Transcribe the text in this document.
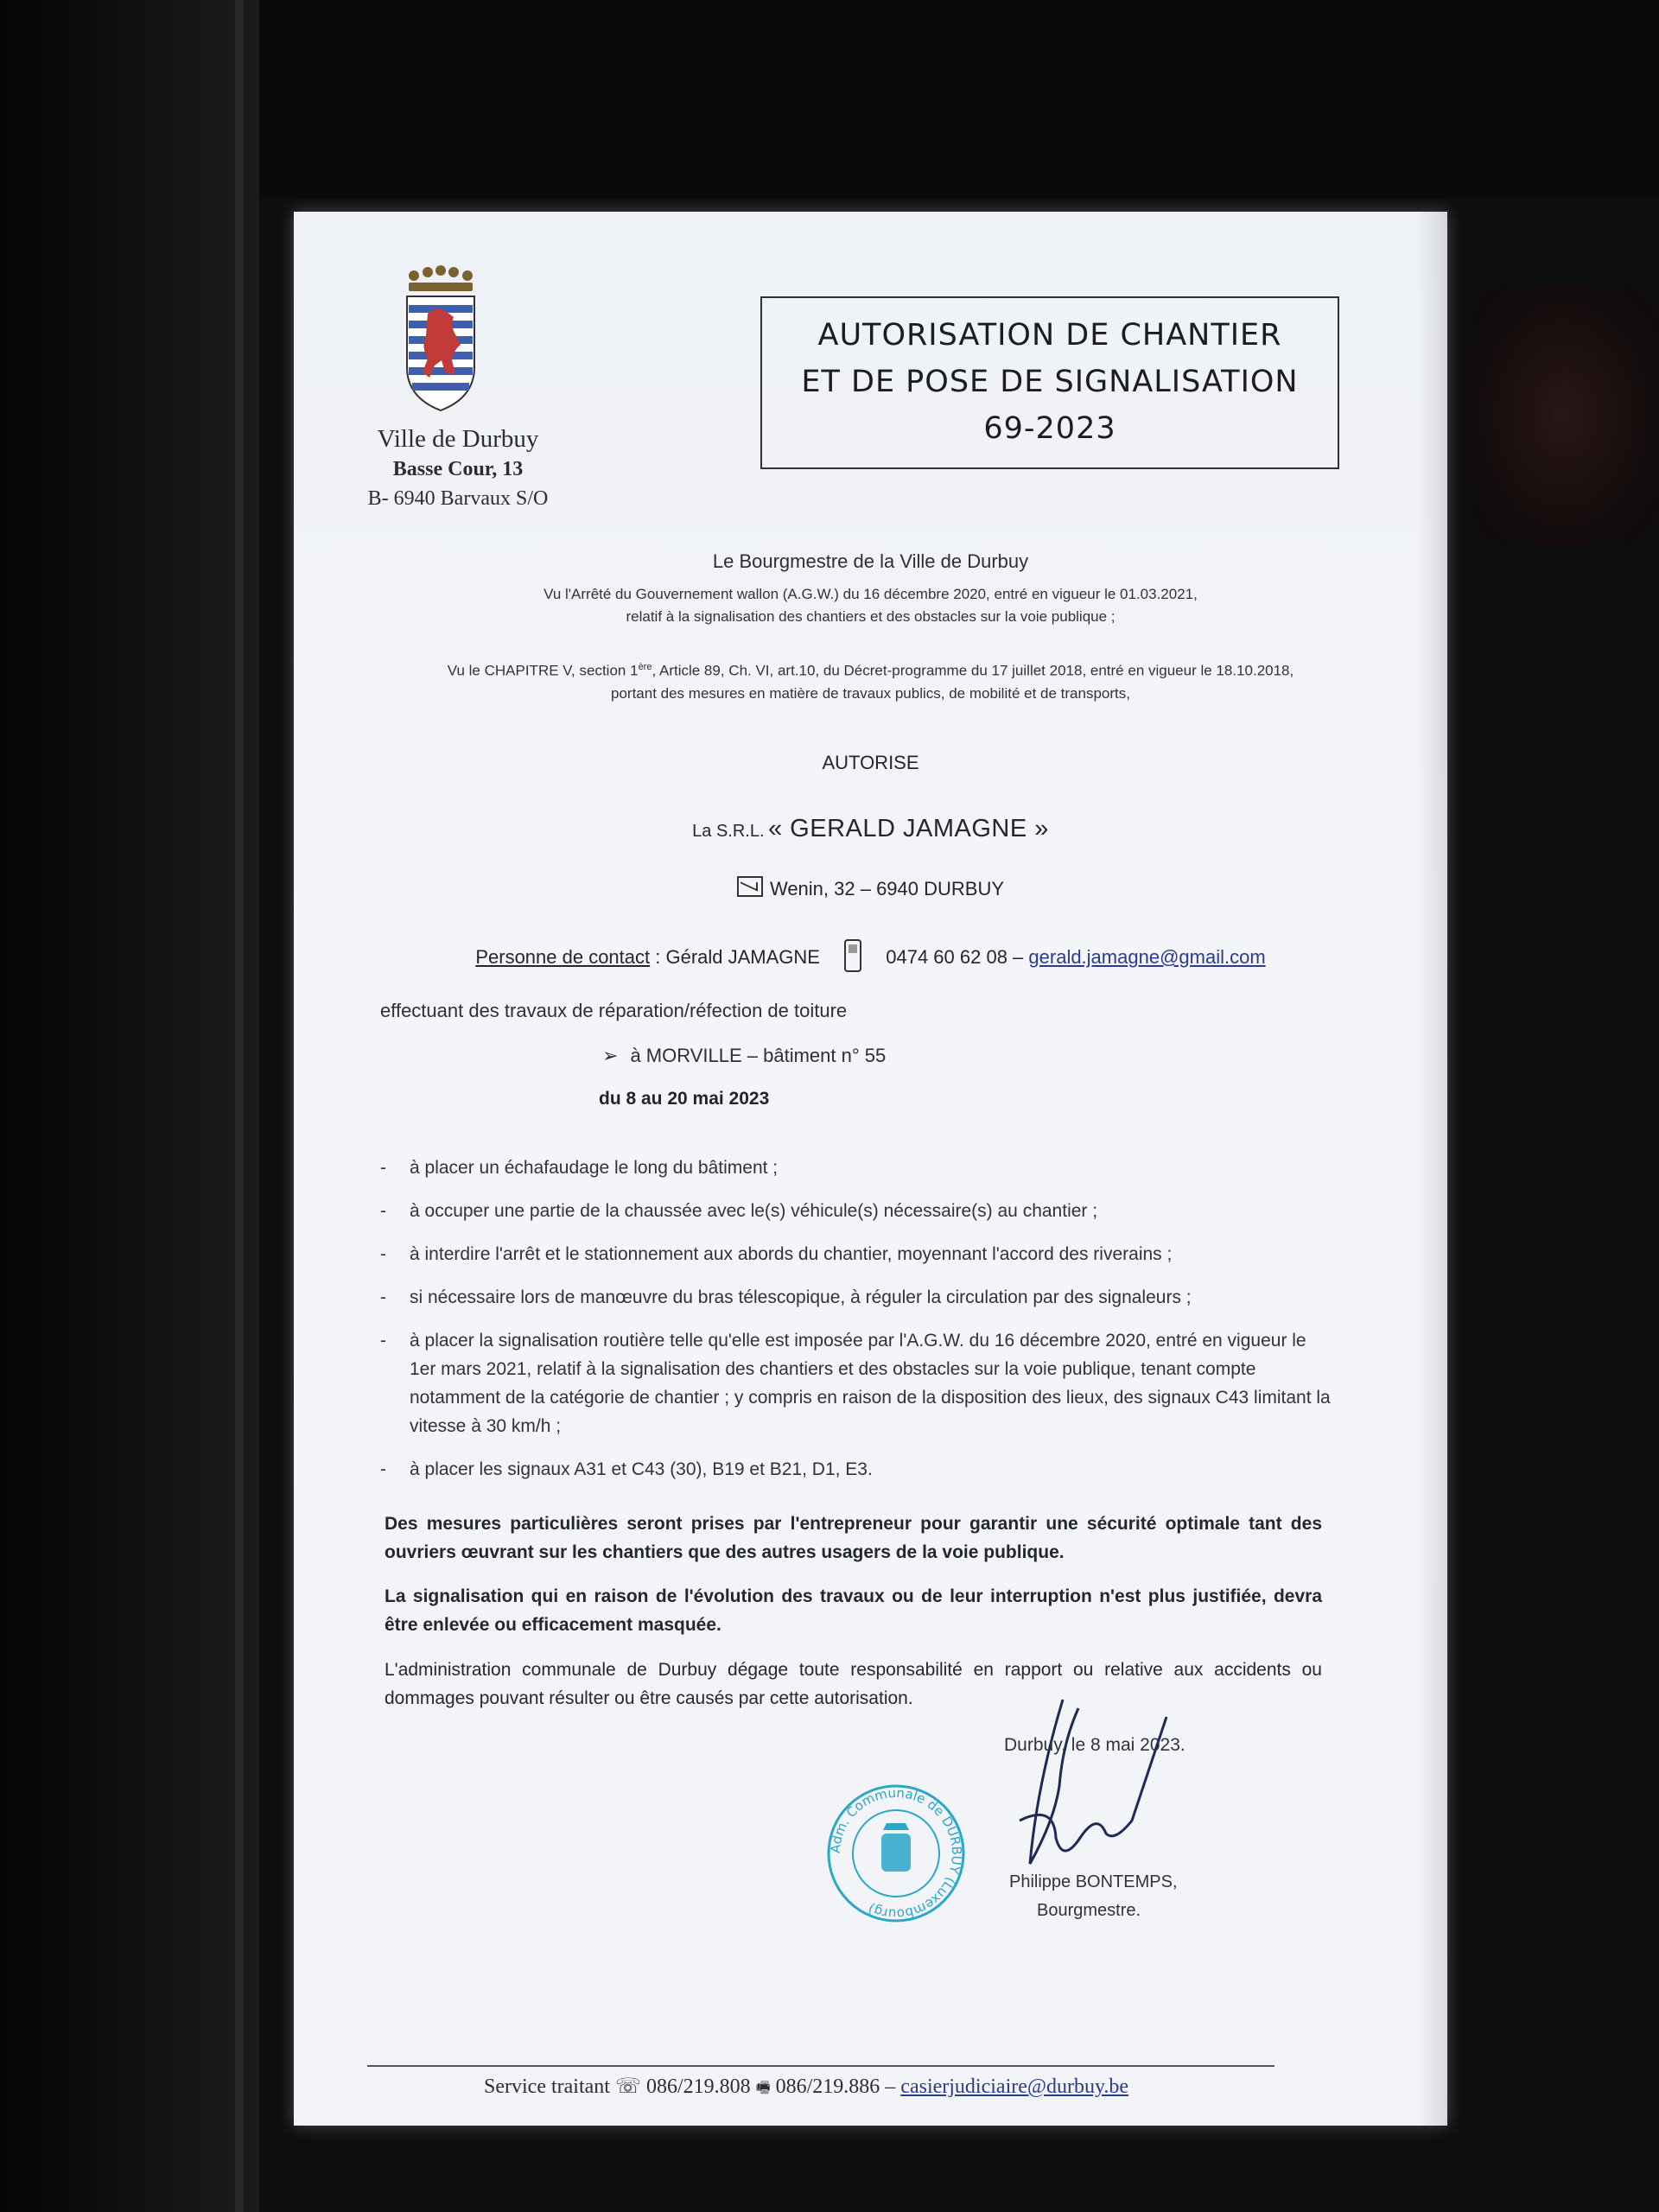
Ville de Durbuy
Basse Cour, 13
B- 6940 Barvaux S/O
AUTORISATION DE CHANTIER
ET DE POSE DE SIGNALISATION
69-2023
Le Bourgmestre de la Ville de Durbuy
Vu l'Arrêté du Gouvernement wallon (A.G.W.) du 16 décembre 2020, entré en vigueur le 01.03.2021,
relatif à la signalisation des chantiers et des obstacles sur la voie publique ;
Vu le CHAPITRE V, section 1ère, Article 89, Ch. VI, art.10, du Décret-programme du 17 juillet 2018, entré en vigueur le 18.10.2018,
portant des mesures en matière de travaux publics, de mobilité et de transports,
AUTORISE
La S.R.L. « GERALD JAMAGNE »
Wenin, 32 – 6940 DURBUY
Personne de contact : Gérald JAMAGNE	0474 60 62 08 – gerald.jamagne@gmail.com
effectuant des travaux de réparation/réfection de toiture
➢ à MORVILLE – bâtiment n° 55
du 8 au 20 mai 2023
- à placer un échafaudage le long du bâtiment ;
- à occuper une partie de la chaussée avec le(s) véhicule(s) nécessaire(s) au chantier ;
- à interdire l'arrêt et le stationnement aux abords du chantier, moyennant l'accord des riverains ;
- si nécessaire lors de manœuvre du bras télescopique, à réguler la circulation par des signaleurs ;
- à placer la signalisation routière telle qu'elle est imposée par l'A.G.W. du 16 décembre 2020, entré en vigueur le 1er mars 2021, relatif à la signalisation des chantiers et des obstacles sur la voie publique, tenant compte notamment de la catégorie de chantier ; y compris en raison de la disposition des lieux, des signaux C43 limitant la vitesse à 30 km/h ;
- à placer les signaux A31 et C43 (30), B19 et B21, D1, E3.
Des mesures particulières seront prises par l'entrepreneur pour garantir une sécurité optimale tant des ouvriers œuvrant sur les chantiers que des autres usagers de la voie publique.
La signalisation qui en raison de l'évolution des travaux ou de leur interruption n'est plus justifiée, devra être enlevée ou efficacement masquée.
L'administration communale de Durbuy dégage toute responsabilité en rapport ou relative aux accidents ou dommages pouvant résulter ou être causés par cette autorisation.
Adm. Communale de DURBUY (Luxembourg)
Durbuy, le 8 mai 2023.
Philippe BONTEMPS,
Bourgmestre.
Service traitant ☏ 086/219.808 🖷 086/219.886 – casierjudiciaire@durbuy.be
